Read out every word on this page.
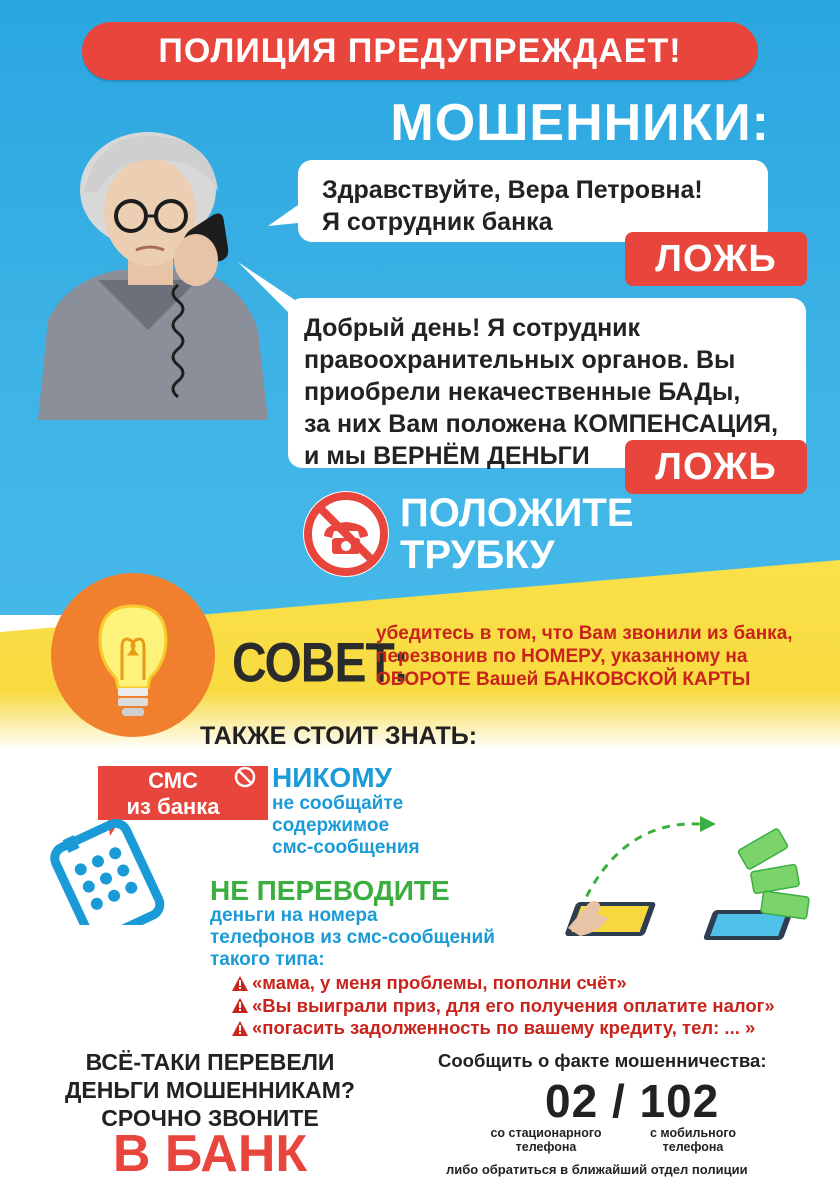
ПОЛИЦИЯ ПРЕДУПРЕЖДАЕТ!
МОШЕННИКИ:
Здравствуйте, Вера Петровна!
Я сотрудник банка
ЛОЖЬ
Добрый день! Я сотрудник
правоохранительных органов. Вы
приобрели некачественные БАДы,
за них Вам положена КОМПЕНСАЦИЯ,
и мы ВЕРНЁМ ДЕНЬГИ	ЛОЖЬ
ПОЛОЖИТЕ
ТРУБКУ
СОВЕТ:
убедитесь в том, что Вам звонили из банка,
перезвонив по НОМЕРУ, указанному на
ОБОРОТЕ Вашей БАНКОВСКОЙ КАРТЫ
ТАКЖЕ СТОИТ ЗНАТЬ:
СМС
из банка
НИКОМУ
не сообщайте
содержимое
смс-сообщения
НЕ ПЕРЕВОДИТЕ
деньги на номера
телефонов из смс-сообщений
такого типа:
«мама, у меня проблемы, пополни счёт»
«Вы выиграли приз, для его получения оплатите налог»
«погасить задолженность по вашему кредиту, тел: ... »
ВСЁ-ТАКИ ПЕРЕВЕЛИ
ДЕНЬГИ МОШЕННИКАМ?
СРОЧНО ЗВОНИТЕ
В БАНК
Сообщить о факте мошенничества:
02 / 102
со стационарного
телефона
с мобильного
телефона
либо обратиться в ближайший отдел полиции
